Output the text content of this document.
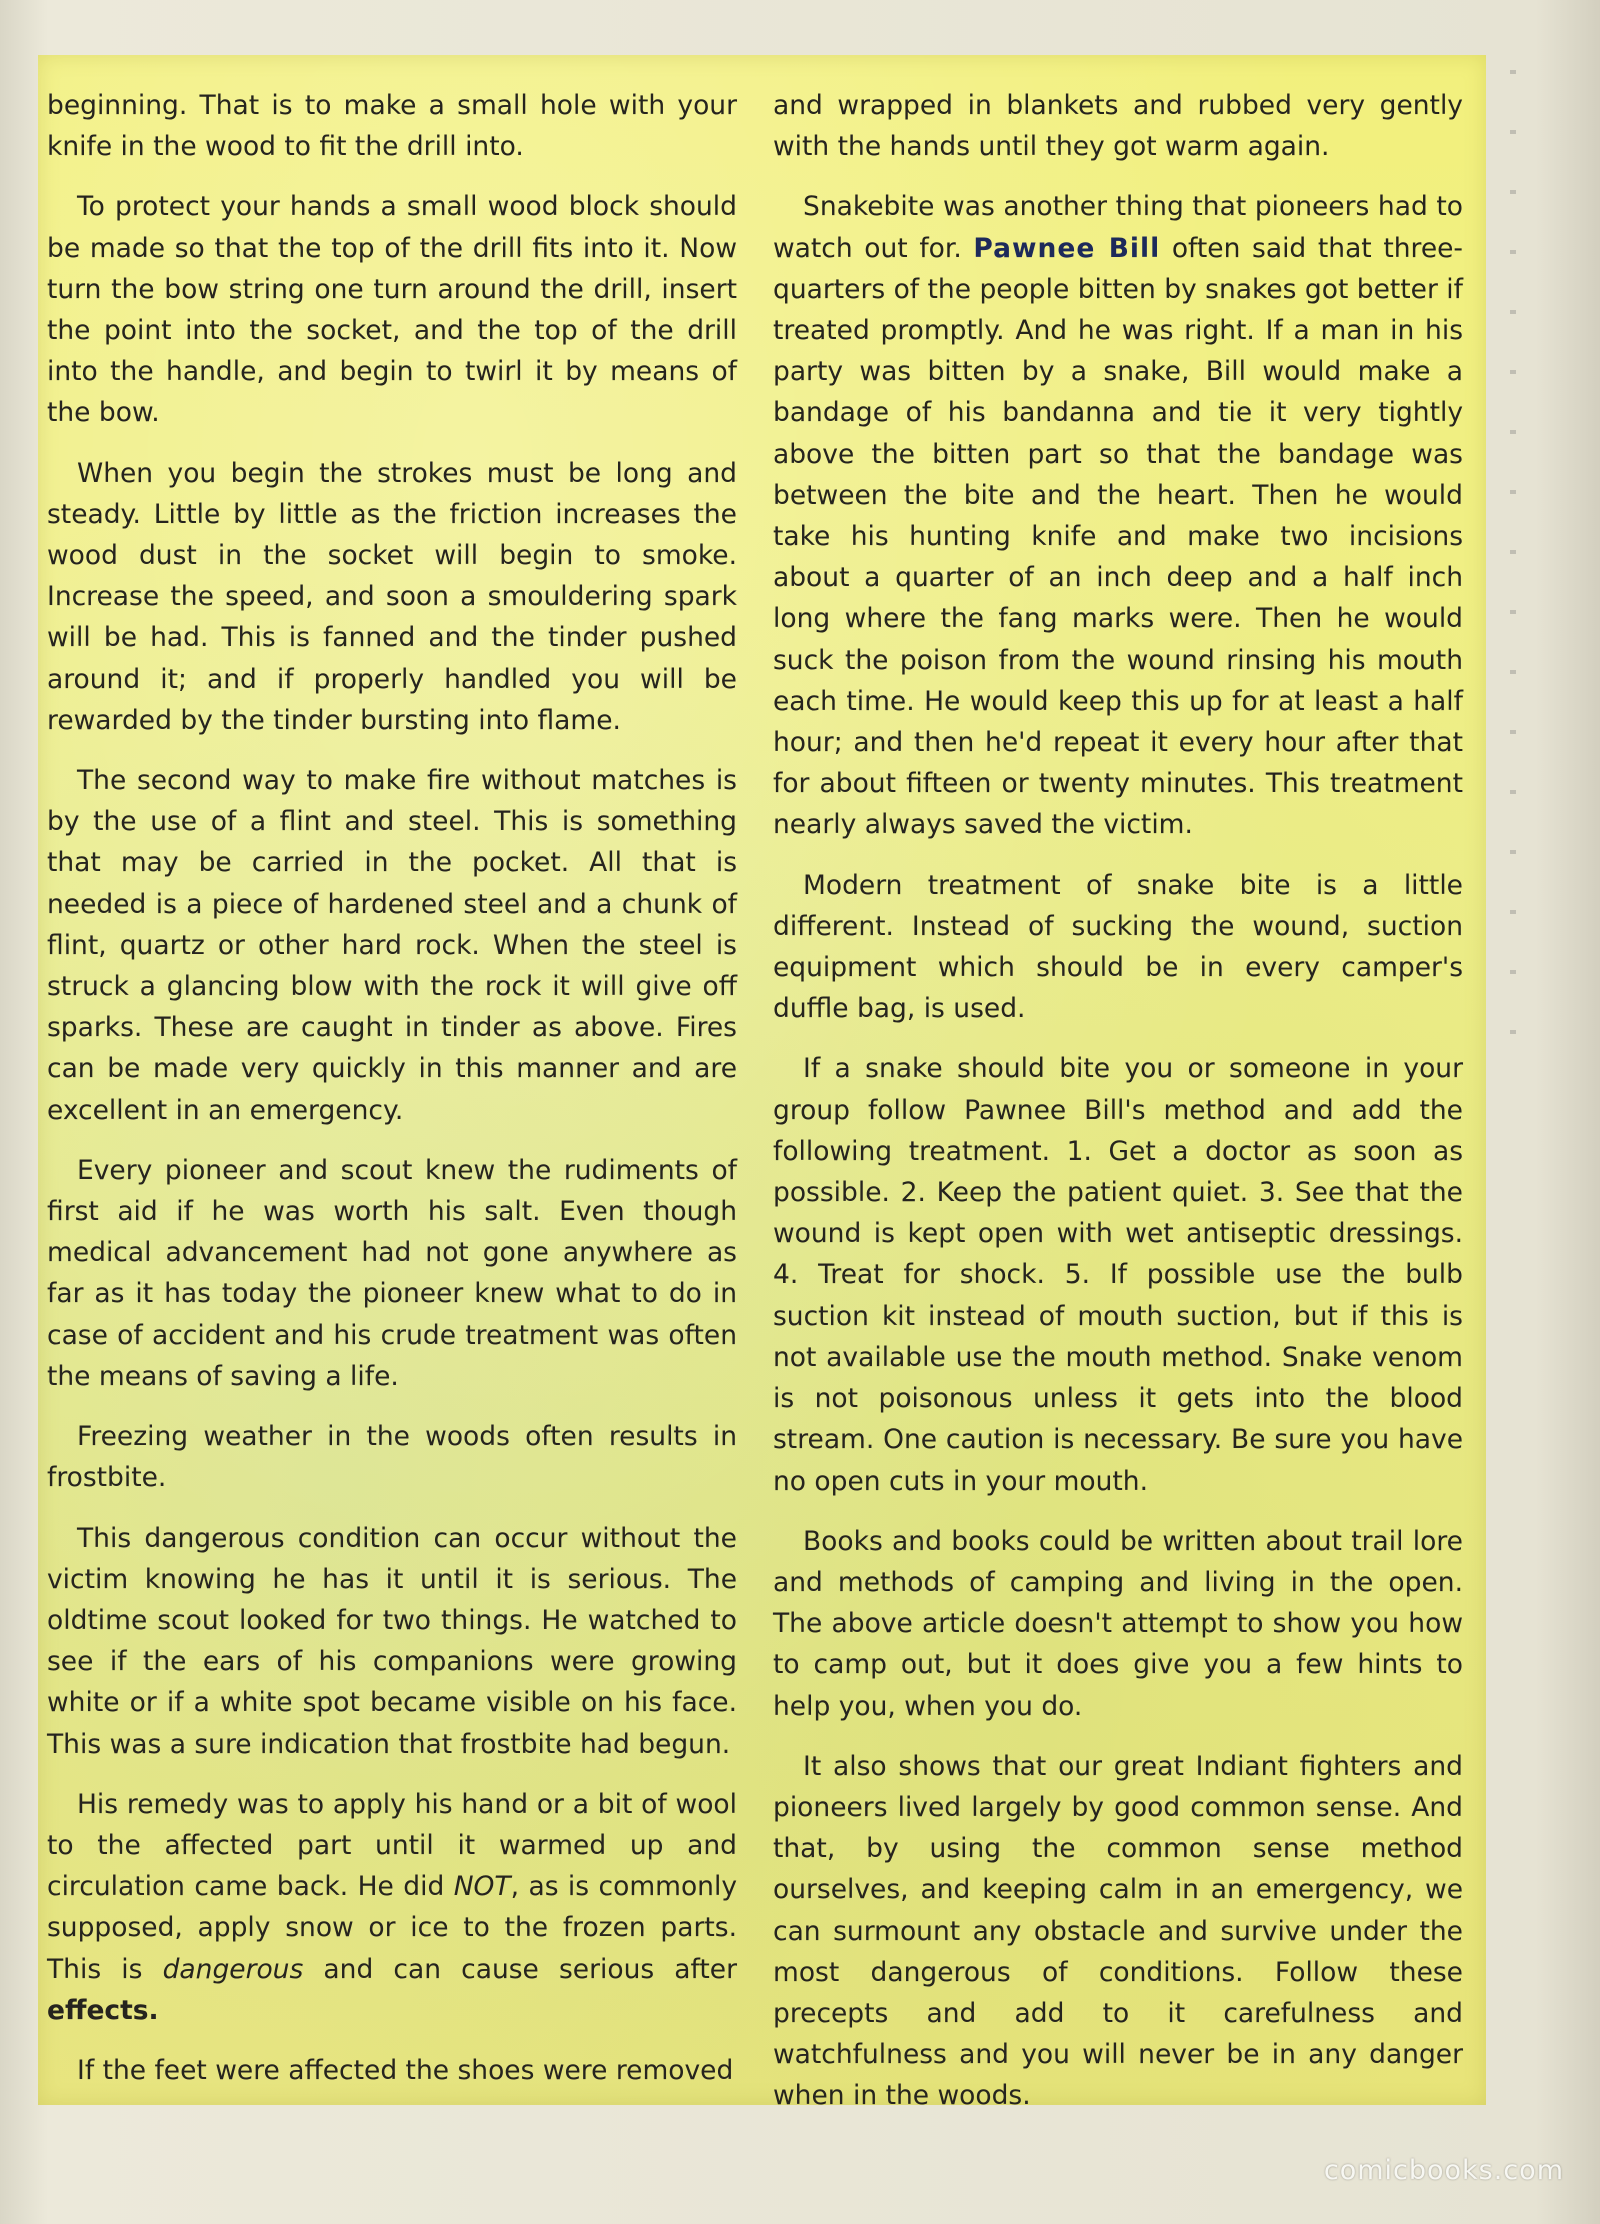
beginning. That is to make a small hole with your knife in the wood to fit the drill into.

To protect your hands a small wood block should be made so that the top of the drill fits into it. Now turn the bow string one turn around the drill, insert the point into the socket, and the top of the drill into the handle, and begin to twirl it by means of the bow.

When you begin the strokes must be long and steady. Little by little as the friction increases the wood dust in the socket will begin to smoke. Increase the speed, and soon a smouldering spark will be had. This is fanned and the tinder pushed around it; and if properly handled you will be rewarded by the tinder bursting into flame.

The second way to make fire without matches is by the use of a flint and steel. This is something that may be carried in the pocket. All that is needed is a piece of hardened steel and a chunk of flint, quartz or other hard rock. When the steel is struck a glancing blow with the rock it will give off sparks. These are caught in tinder as above. Fires can be made very quickly in this manner and are excellent in an emergency.

Every pioneer and scout knew the rudiments of first aid if he was worth his salt. Even though medical advancement had not gone anywhere as far as it has today the pioneer knew what to do in case of accident and his crude treatment was often the means of saving a life.

Freezing weather in the woods often results in frostbite.

This dangerous condition can occur without the victim knowing he has it until it is serious. The oldtime scout looked for two things. He watched to see if the ears of his companions were growing white or if a white spot became visible on his face. This was a sure indication that frostbite had begun.

His remedy was to apply his hand or a bit of wool to the affected part until it warmed up and circulation came back. He did NOT, as is commonly supposed, apply snow or ice to the frozen parts. This is dangerous and can cause serious after effects.

If the feet were affected the shoes were removed

and wrapped in blankets and rubbed very gently with the hands until they got warm again.

Snakebite was another thing that pioneers had to watch out for. Pawnee Bill often said that three-quarters of the people bitten by snakes got better if treated promptly. And he was right. If a man in his party was bitten by a snake, Bill would make a bandage of his bandanna and tie it very tightly above the bitten part so that the bandage was between the bite and the heart. Then he would take his hunting knife and make two incisions about a quarter of an inch deep and a half inch long where the fang marks were. Then he would suck the poison from the wound rinsing his mouth each time. He would keep this up for at least a half hour; and then he'd repeat it every hour after that for about fifteen or twenty minutes. This treatment nearly always saved the victim.

Modern treatment of snake bite is a little different. Instead of sucking the wound, suction equipment which should be in every camper's duffle bag, is used.

If a snake should bite you or someone in your group follow Pawnee Bill's method and add the following treatment. 1. Get a doctor as soon as possible. 2. Keep the patient quiet. 3. See that the wound is kept open with wet antiseptic dressings. 4. Treat for shock. 5. If possible use the bulb suction kit instead of mouth suction, but if this is not available use the mouth method. Snake venom is not poisonous unless it gets into the blood stream. One caution is necessary. Be sure you have no open cuts in your mouth.

Books and books could be written about trail lore and methods of camping and living in the open. The above article doesn't attempt to show you how to camp out, but it does give you a few hints to help you, when you do.

It also shows that our great Indiant fighters and pioneers lived largely by good common sense. And that, by using the common sense method ourselves, and keeping calm in an emergency, we can surmount any obstacle and survive under the most dangerous of conditions. Follow these precepts and add to it carefulness and watchfulness and you will never be in any danger when in the woods.

comicbooks.com
